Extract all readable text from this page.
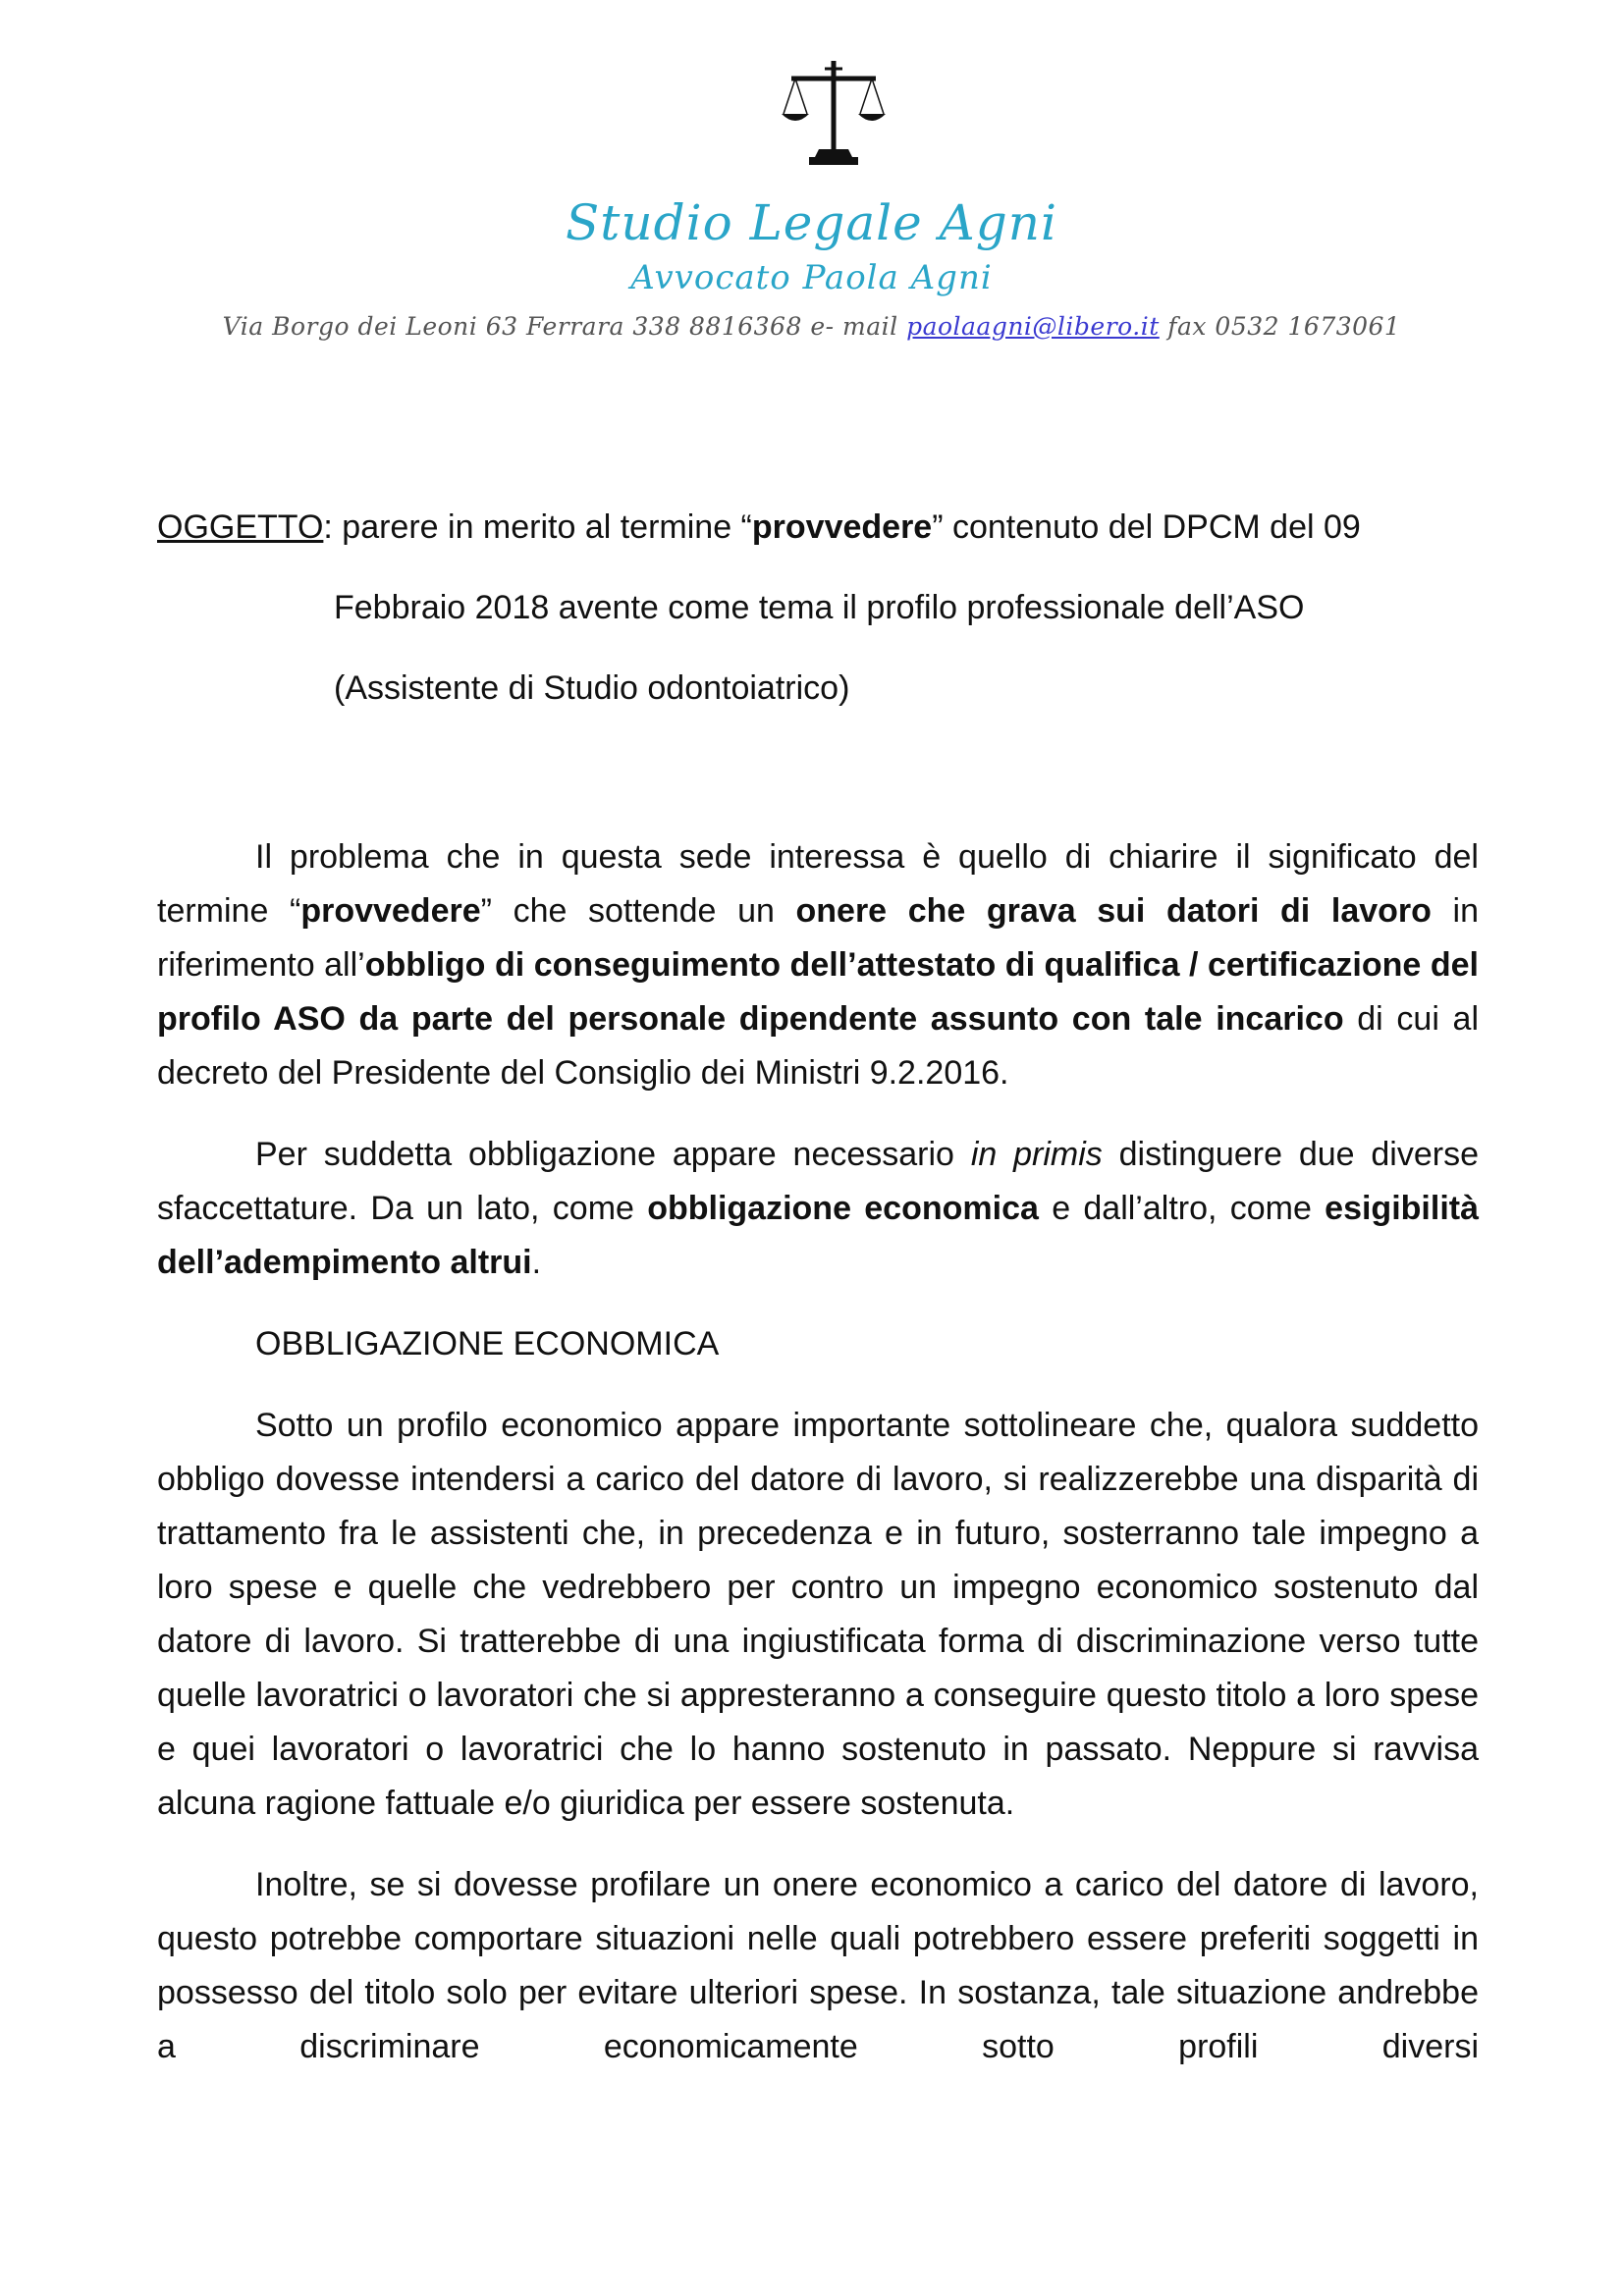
Studio Legale Agni
Avvocato Paola Agni
Via Borgo dei Leoni 63 Ferrara 338 8816368 e- mail paolaagni@libero.it fax 0532 1673061
OGGETTO: parere in merito al termine “provvedere” contenuto del DPCM del 09
Febbraio 2018 avente come tema il profilo professionale dell’ASO
(Assistente di Studio odontoiatrico)

Il problema che in questa sede interessa è quello di chiarire il significato del termine “provvedere” che sottende un onere che grava sui datori di lavoro in riferimento all’obbligo di conseguimento dell’attestato di qualifica / certificazione del profilo ASO da parte del personale dipendente assunto con tale incarico di cui al decreto del Presidente del Consiglio dei Ministri 9.2.2016.

Per suddetta obbligazione appare necessario in primis distinguere due diverse sfaccettature. Da un lato, come obbligazione economica e dall’altro, come esigibilità dell’adempimento altrui.

OBBLIGAZIONE ECONOMICA

Sotto un profilo economico appare importante sottolineare che, qualora suddetto obbligo dovesse intendersi a carico del datore di lavoro, si realizzerebbe una disparità di trattamento fra le assistenti che, in precedenza e in futuro, sosterranno tale impegno a loro spese e quelle che vedrebbero per contro un impegno economico sostenuto dal datore di lavoro. Si tratterebbe di una ingiustificata forma di discriminazione verso tutte quelle lavoratrici o lavoratori che si appresteranno a conseguire questo titolo a loro spese e quei lavoratori o lavoratrici che lo hanno sostenuto in passato. Neppure si ravvisa alcuna ragione fattuale e/o giuridica per essere sostenuta.

Inoltre, se si dovesse profilare un onere economico a carico del datore di lavoro, questo potrebbe comportare situazioni nelle quali potrebbero essere preferiti soggetti in possesso del titolo solo per evitare ulteriori spese. In sostanza, tale situazione andrebbe a discriminare economicamente sotto profili diversi
